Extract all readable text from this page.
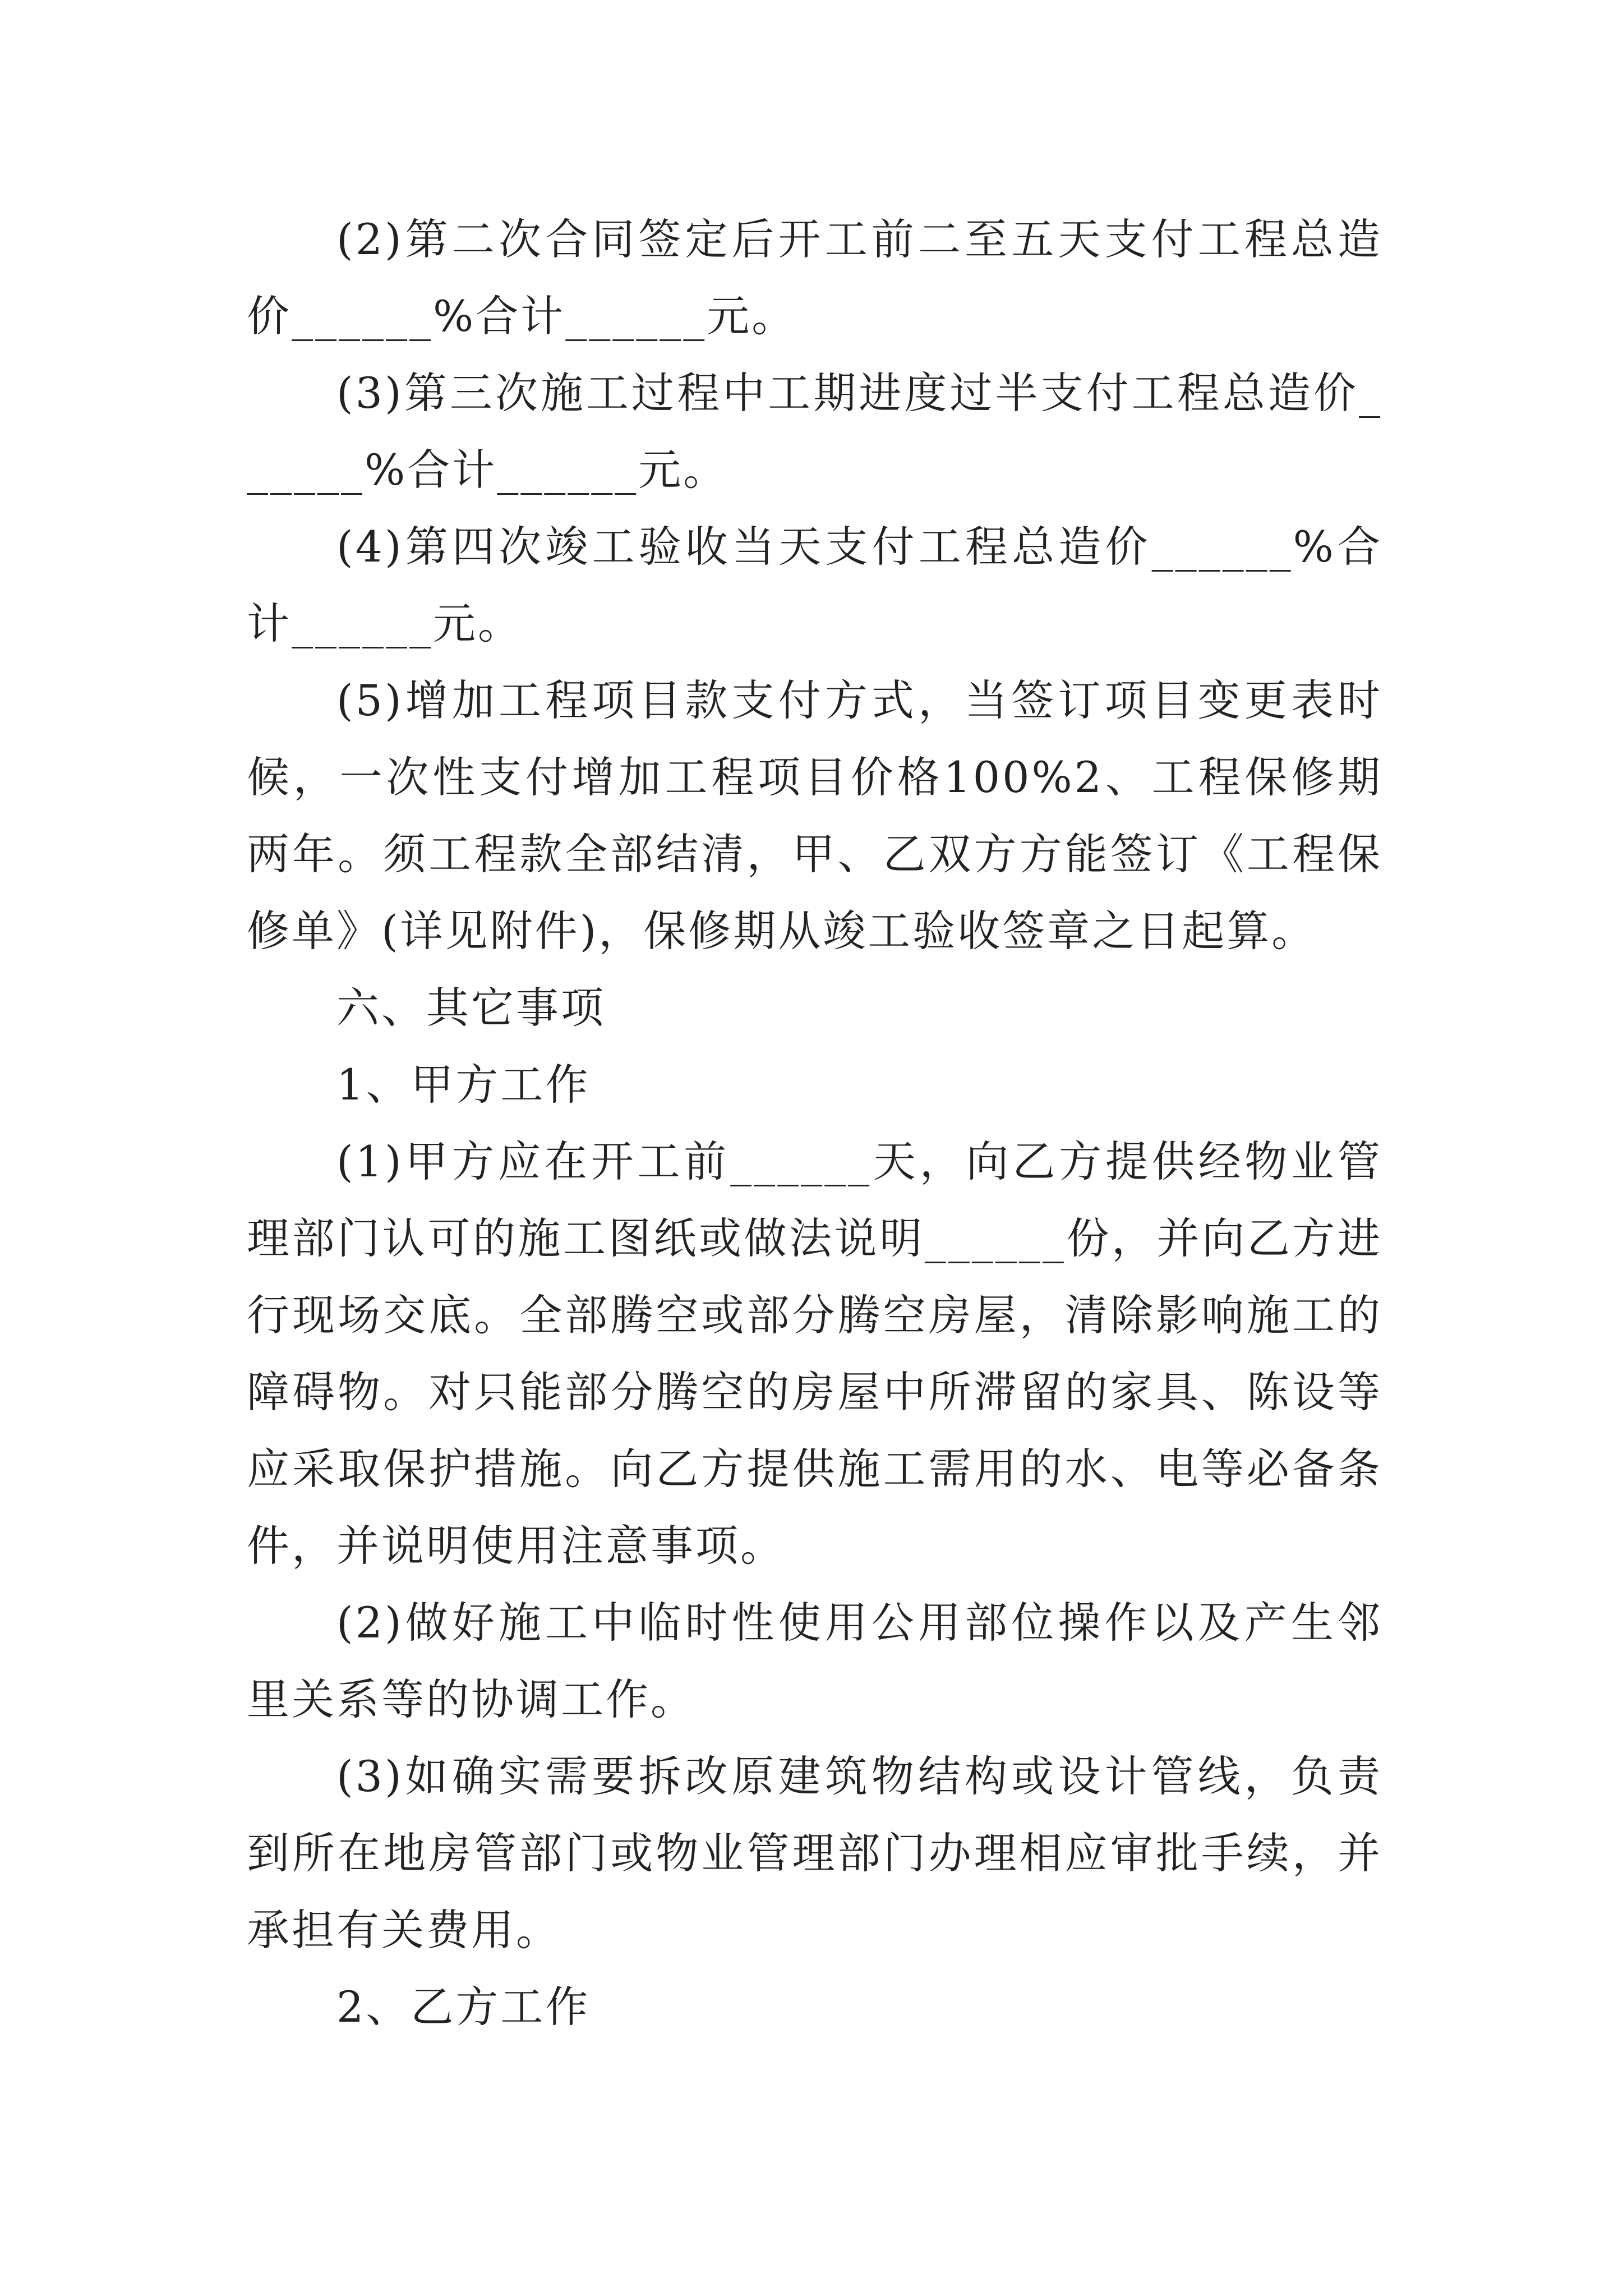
(2)第二次合同签定后开工前二至五天支付工程总造价______%合计______元。

(3)第三次施工过程中工期进度过半支付工程总造价______%合计______元。

(4)第四次竣工验收当天支付工程总造价______%合计______元。

(5)增加工程项目款支付方式，当签订项目变更表时候，一次性支付增加工程项目价格100%2、工程保修期两年。须工程款全部结清，甲、乙双方方能签订《工程保修单》(详见附件)，保修期从竣工验收签章之日起算。

六、其它事项

1、甲方工作

(1)甲方应在开工前______天，向乙方提供经物业管理部门认可的施工图纸或做法说明______份，并向乙方进行现场交底。全部腾空或部分腾空房屋，清除影响施工的障碍物。对只能部分腾空的房屋中所滞留的家具、陈设等应采取保护措施。向乙方提供施工需用的水、电等必备条件，并说明使用注意事项。

(2)做好施工中临时性使用公用部位操作以及产生邻里关系等的协调工作。

(3)如确实需要拆改原建筑物结构或设计管线，负责到所在地房管部门或物业管理部门办理相应审批手续，并承担有关费用。

2、乙方工作
